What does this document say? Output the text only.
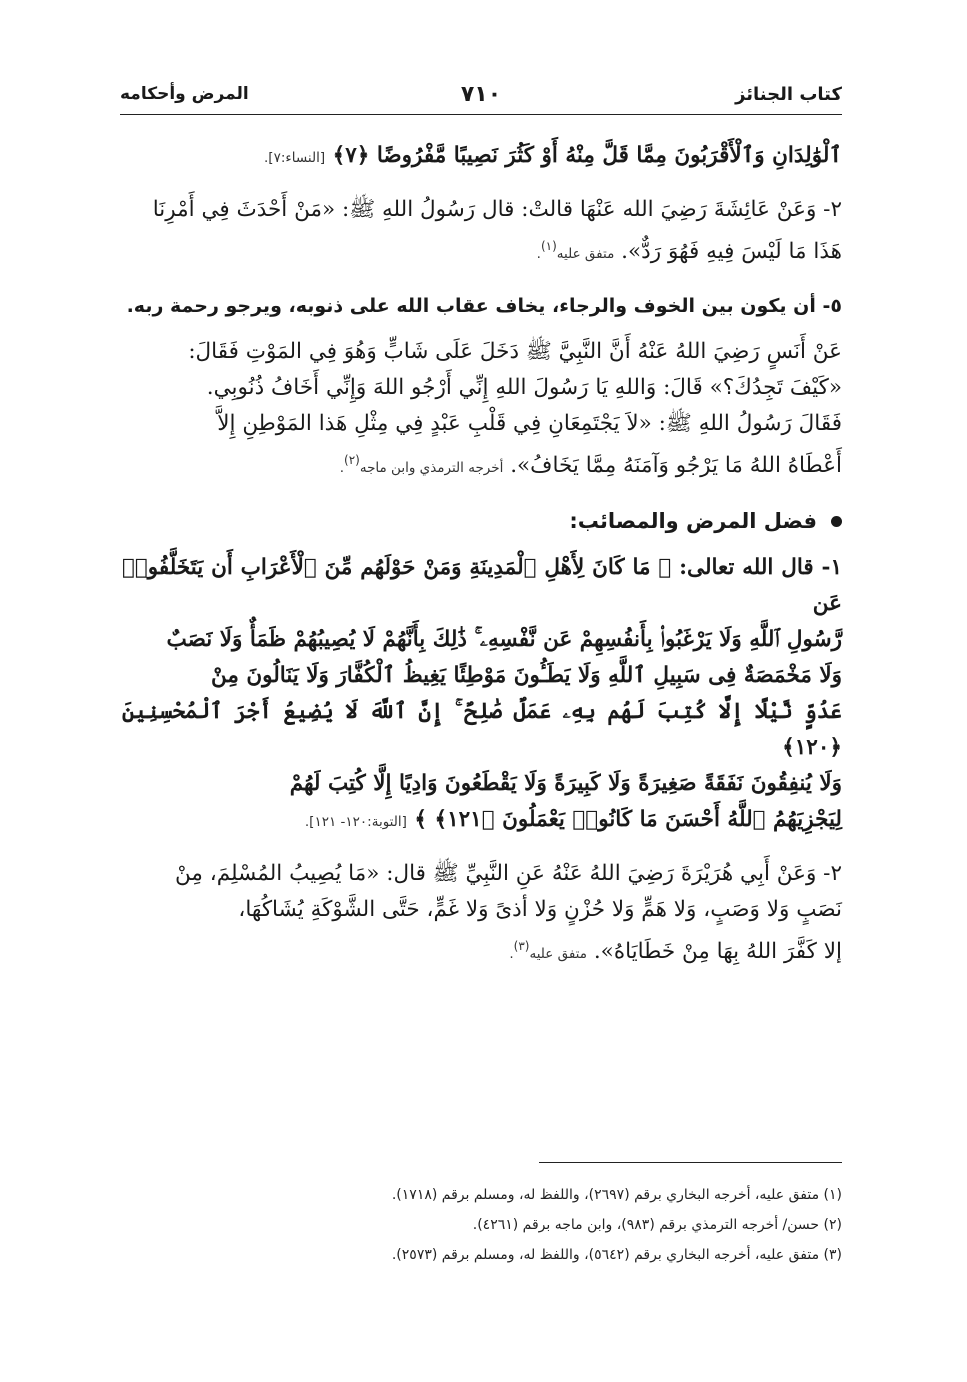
كتاب الجنائز
٧١٠
المرض وأحكامه

ٱلْوَٰلِدَانِ وَٱلْأَقْرَبُونَ مِمَّا قَلَّ مِنْهُ أَوْ كَثُرَ نَصِيبًا مَّفْرُوضًا ﴿٧﴾ [النساء:٧].

٢- وَعَنْ عَائِشَةَ رَضِيَ الله عَنْهَا قالتْ: قال رَسُولُ اللهِ ﷺ: «مَنْ أَحْدَثَ فِي أَمْرِنَا

هَذَا مَا لَيْسَ فِيهِ فَهُوَ رَدٌّ». متفق عليه$^{(١)}$.

٥- أن يكون بين الخوف والرجاء، يخاف عقاب الله على ذنوبه، ويرجو رحمة ربه.

عَنْ أَنَسٍ رَضِيَ اللهُ عَنْهُ أَنَّ النَّبِيَّ ﷺ دَخَلَ عَلَى شَابٍّ وَهُوَ فِي المَوْتِ فَقَالَ:

«كَيْفَ تَجِدُكَ؟» قَالَ: وَاللهِ يَا رَسُولَ اللهِ إِنِّي أَرْجُو اللهَ وَإِنِّي أَخَافُ ذُنُوبِي.

فَقَالَ رَسُولُ اللهِ ﷺ: «لاَ يَجْتَمِعَانِ فِي قَلْبِ عَبْدٍ فِي مِثْلِ هَذا المَوْطِنِ إِلاَّ

أَعْطَاهُ اللهُ مَا يَرْجُو وَآمَنَهُ مِمَّا يَخَافُ». أخرجه الترمذي وابن ماجه$^{(٢)}$.

فضل المرض والمصائب:

١- قال الله تعالى: ﴿ مَا كَانَ لِأَهْلِ ٱلْمَدِينَةِ وَمَنْ حَوْلَهُم مِّنَ ٱلْأَعْرَابِ أَن يَتَخَلَّفُوا۟ عَن

رَّسُولِ ٱللَّهِ وَلَا يَرْغَبُوا۟ بِأَنفُسِهِمْ عَن نَّفْسِهِۦ ۚ ذَٰلِكَ بِأَنَّهُمْ لَا يُصِيبُهُمْ ظَمَأٌ وَلَا نَصَبٌ

وَلَا مَخْمَصَةٌ فِى سَبِيلِ ٱللَّهِ وَلَا يَطَـُٔونَ مَوْطِئًا يَغِيظُ ٱلْكُفَّارَ وَلَا يَنَالُونَ مِنْ

عَدُوٍّ نَّيْلًا إِلَّا كُتِبَ لَهُم بِهِۦ عَمَلٌ صَٰلِحٌ ۚ إِنَّ ٱللَّهَ لَا يُضِيعُ أَجْرَ ٱلْمُحْسِنِينَ ﴿١٢٠﴾

وَلَا يُنفِقُونَ نَفَقَةً صَغِيرَةً وَلَا كَبِيرَةً وَلَا يَقْطَعُونَ وَادِيًا إِلَّا كُتِبَ لَهُمْ

لِيَجْزِيَهُمُ ٱللَّهُ أَحْسَنَ مَا كَانُوا۟ يَعْمَلُونَ ﴿١٢١﴾ ﴾ [التوبة:١٢٠- ١٢١].

٢- وَعَنْ أَبِي هُرَيْرَةَ رَضِيَ اللهُ عَنْهُ عَنِ النَّبِيِّ ﷺ قال: «مَا يُصِيبُ المُسْلِمَ، مِنْ

نَصَبٍ وَلا وَصَبٍ، وَلا هَمٍّ وَلا حُزْنٍ وَلا أذىً وَلا غَمٍّ، حَتَّى الشَّوْكَةِ يُشَاكُهَا،

إلا كَفَّرَ اللهُ بِهَا مِنْ خَطَايَاهُ». متفق عليه$^{(٣)}$.

(١) متفق عليه، أخرجه البخاري برقم (٢٦٩٧)، واللفظ له، ومسلم برقم (١٧١٨).

(٢) حسن/ أخرجه الترمذي برقم (٩٨٣)، وابن ماجه برقم (٤٢٦١).

(٣) متفق عليه، أخرجه البخاري برقم (٥٦٤٢)، واللفظ له، ومسلم برقم (٢٥٧٣).
